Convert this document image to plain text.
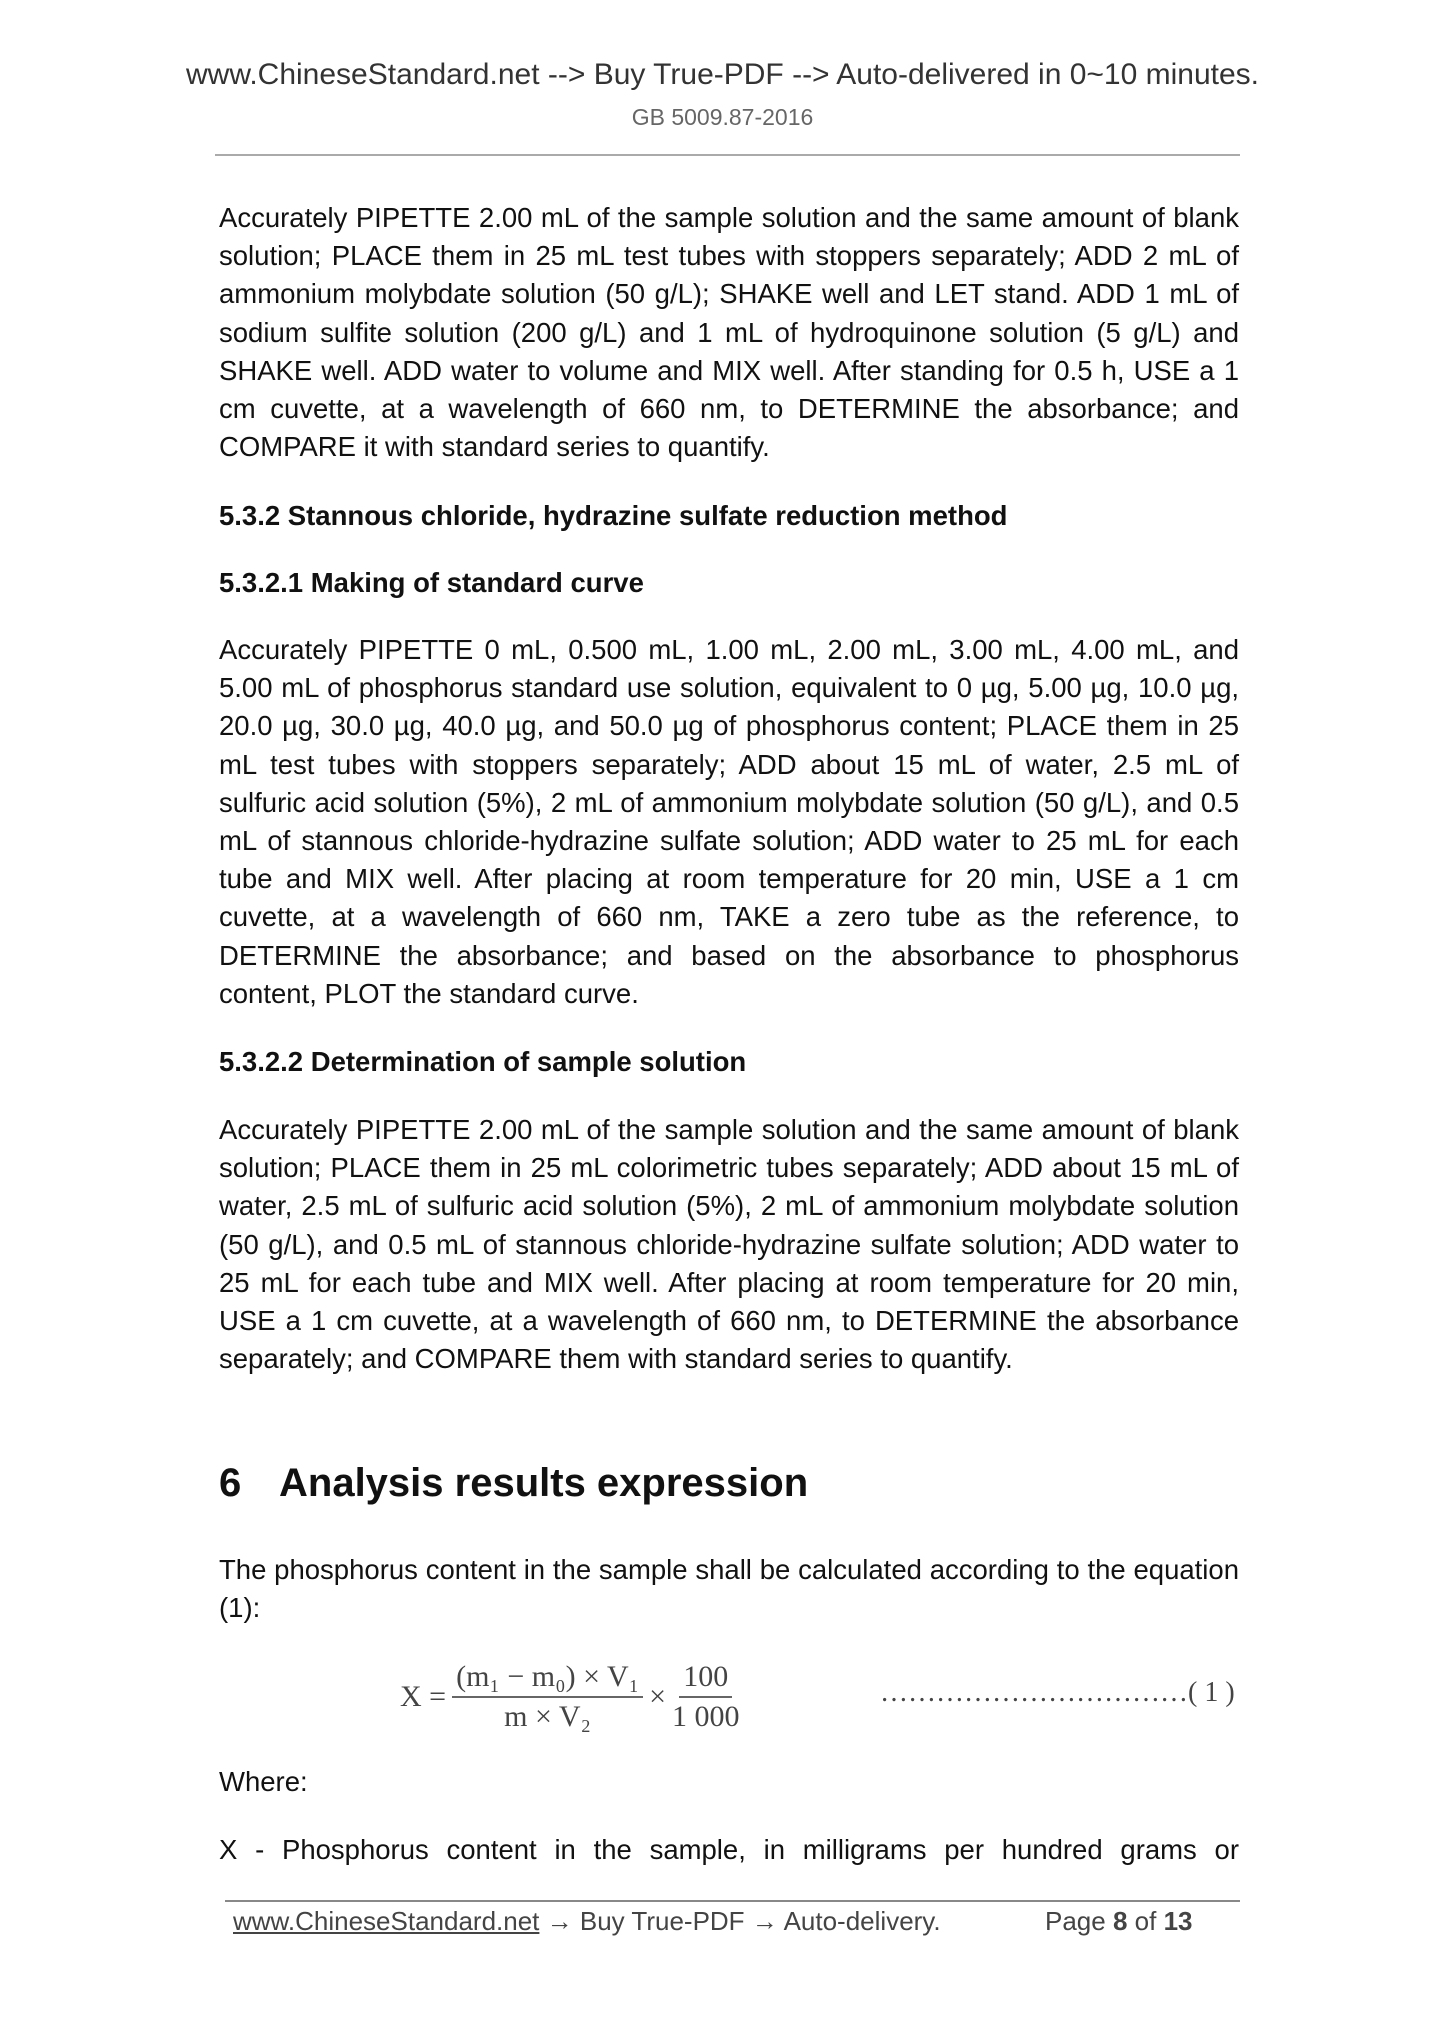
www.ChineseStandard.net --> Buy True-PDF --> Auto-delivered in 0~10 minutes.
GB 5009.87-2016

Accurately PIPETTE 2.00 mL of the sample solution and the same amount of blank solution; PLACE them in 25 mL test tubes with stoppers separately; ADD 2 mL of ammonium molybdate solution (50 g/L); SHAKE well and LET stand. ADD 1 mL of sodium sulfite solution (200 g/L) and 1 mL of hydroquinone solution (5 g/L) and SHAKE well. ADD water to volume and MIX well. After standing for 0.5 h, USE a 1 cm cuvette, at a wavelength of 660 nm, to DETERMINE the absorbance; and COMPARE it with standard series to quantify.

5.3.2 Stannous chloride, hydrazine sulfate reduction method
5.3.2.1 Making of standard curve

Accurately PIPETTE 0 mL, 0.500 mL, 1.00 mL, 2.00 mL, 3.00 mL, 4.00 mL, and 5.00 mL of phosphorus standard use solution, equivalent to 0 µg, 5.00 µg, 10.0 µg, 20.0 µg, 30.0 µg, 40.0 µg, and 50.0 µg of phosphorus content; PLACE them in 25 mL test tubes with stoppers separately; ADD about 15 mL of water, 2.5 mL of sulfuric acid solution (5%), 2 mL of ammonium molybdate solution (50 g/L), and 0.5 mL of stannous chloride-hydrazine sulfate solution; ADD water to 25 mL for each tube and MIX well. After placing at room temperature for 20 min, USE a 1 cm cuvette, at a wavelength of 660 nm, TAKE a zero tube as the reference, to DETERMINE the absorbance; and based on the absorbance to phosphorus content, PLOT the standard curve.

5.3.2.2 Determination of sample solution

Accurately PIPETTE 2.00 mL of the sample solution and the same amount of blank solution; PLACE them in 25 mL colorimetric tubes separately; ADD about 15 mL of water, 2.5 mL of sulfuric acid solution (5%), 2 mL of ammonium molybdate solution (50 g/L), and 0.5 mL of stannous chloride-hydrazine sulfate solution; ADD water to 25 mL for each tube and MIX well. After placing at room temperature for 20 min, USE a 1 cm cuvette, at a wavelength of 660 nm, to DETERMINE the absorbance separately; and COMPARE them with standard series to quantify.

6 Analysis results expression

The phosphorus content in the sample shall be calculated according to the equation (1):

$X = \frac{\text{(m₁ − m₀) × V₁}}{\text{m × V₂}} \times \frac{100}{1 000}$	……………………………( 1 )

Where:

X - Phosphorus content in the sample, in milligrams per hundred grams or

www.ChineseStandard.net → Buy True-PDF → Auto-delivery.	Page 8 of 13
